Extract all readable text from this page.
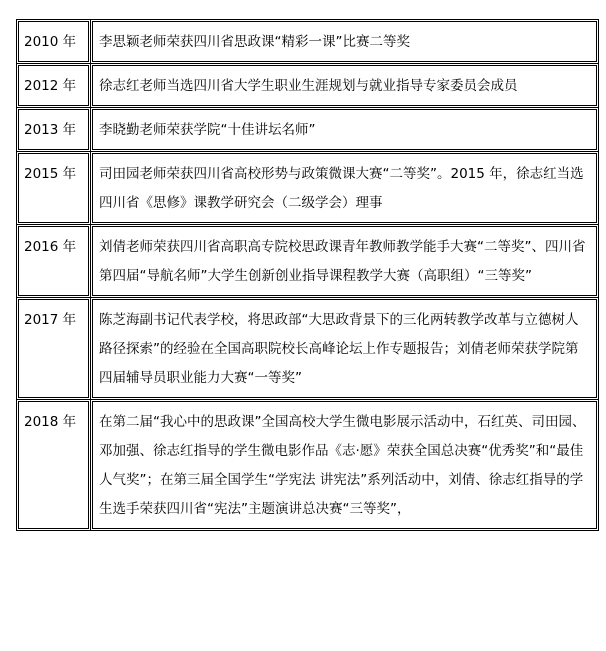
2010 年	李思颖老师荣获四川省思政课“精彩一课”比赛二等奖
2012 年	徐志红老师当选四川省大学生职业生涯规划与就业指导专家委员会成员
2013 年	李晓勤老师荣获学院“十佳讲坛名师”
2015 年	司田园老师荣获四川省高校形势与政策微课大赛“二等奖”。2015 年，徐志红当选四川省《思修》课教学研究会（二级学会）理事
2016 年	刘倩老师荣获四川省高职高专院校思政课青年教师教学能手大赛“二等奖”、四川省第四届“导航名师”大学生创新创业指导课程教学大赛（高职组）“三等奖”
2017 年	陈芝海副书记代表学校，将思政部“大思政背景下的三化两转教学改革与立德树人路径探索”的经验在全国高职院校长高峰论坛上作专题报告；刘倩老师荣获学院第四届辅导员职业能力大赛“一等奖”
2018 年	在第二届“我心中的思政课”全国高校大学生微电影展示活动中，石红英、司田园、邓加强、徐志红指导的学生微电影作品《志·愿》荣获全国总决赛“优秀奖”和“最佳人气奖”；在第三届全国学生“学宪法 讲宪法”系列活动中，刘倩、徐志红指导的学生选手荣获四川省“宪法”主题演讲总决赛“三等奖”，
